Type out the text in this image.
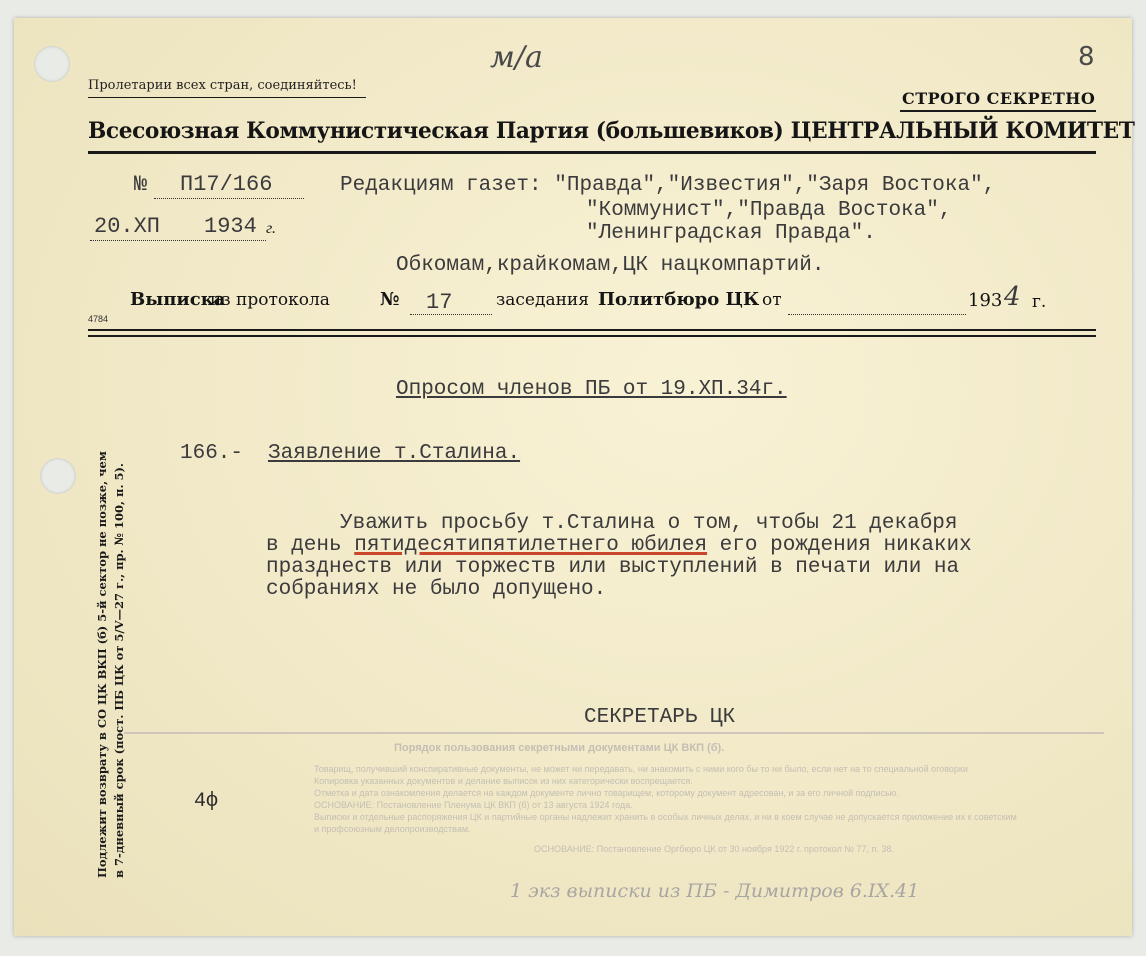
м/а	8
Пролетарии всех стран, соединяйтесь!
СТРОГО СЕКРЕТНО
Всесоюзная Коммунистическая Партия (большевиков) ЦЕНТРАЛЬНЫЙ КОМИТЕТ
№ П17/166
20.ХП 1934 г.
Редакциям газет: "Правда","Известия","Заря Востока",
"Коммунист","Правда Востока",
"Ленинградская Правда".
Обкомам,крайкомам,ЦК нацкомпартий.
Выписка
из протокола	№ 17	заседания Политбюро ЦК от	193 4 г.
4784
Опросом членов ПБ от 19.ХП.34г.
166.- Заявление т.Сталина.
Уважить просьбу т.Сталина о том, чтобы 21 декабря
в день пятидесятипятилетнего юбилея его рождения никаких
празднеств или торжеств или выступлений в печати или на
собраниях не было допущено.
СЕКРЕТАРЬ ЦК
Порядок пользования секретными документами ЦК ВКП (б).
Товарищ, получивший конспиративные документы, не может ни передавать, ни знакомить с ними кого бы то ни было, если нет на то специальной оговорки
Копировка указанных документов и делание выписок из них категорически воспрещается.
Отметка и дата ознакомления делается на каждом документе лично товарищем, которому документ адресован, и за его личной подписью.
ОСНОВАНИЕ: Постановление Пленума ЦК ВКП (б) от 13 августа 1924 года.
Выписки и отдельные распоряжения ЦК и партийные органы надлежит хранить в особых личных делах, и ни в коем случае не допускается приложение их к советским
и профсоюзным делопроизводствам.
ОСНОВАНИЕ: Постановление Оргбюро ЦК от 30 ноября 1922 г. протокол № 77, п. 38.
4ф
1 экз выписки из ПБ - Димитров 6.IX.41
Подлежит возврату в СО ЦК ВКП (б) 5-й сектор не позже, чем в 7-дневный срок (пост. ПБ ЦК от 5/V—27 г., пр. № 100, п. 5).
